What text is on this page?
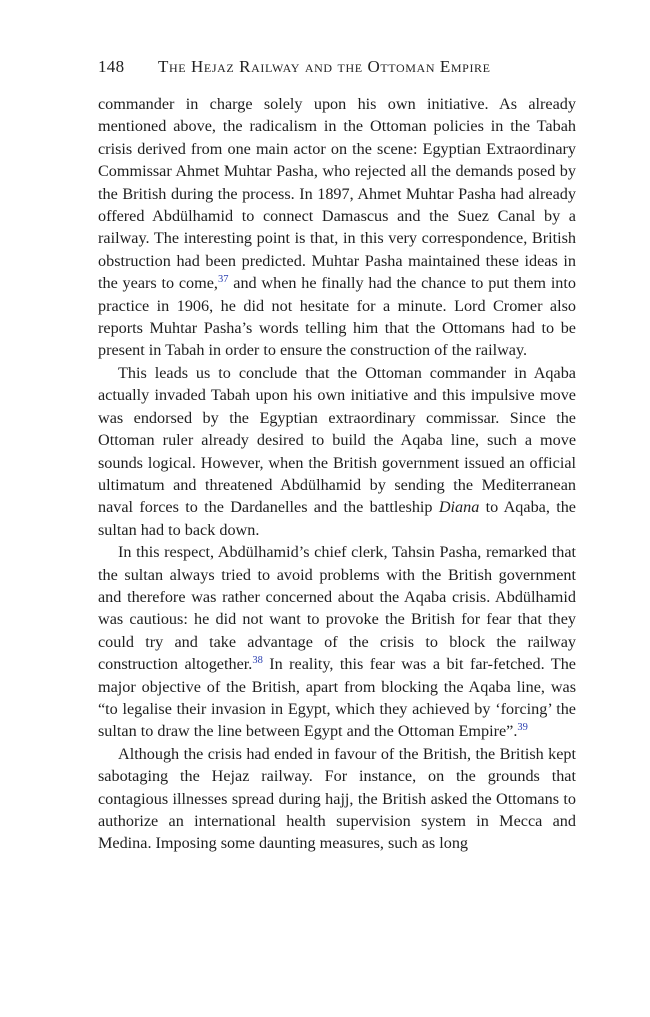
148 The Hejaz Railway and the Ottoman Empire

commander in charge solely upon his own initiative. As already mentioned above, the radicalism in the Ottoman policies in the Tabah crisis derived from one main actor on the scene: Egyptian Extraordinary Commissar Ahmet Muhtar Pasha, who rejected all the demands posed by the British during the process. In 1897, Ahmet Muhtar Pasha had already offered Abdülhamid to connect Damascus and the Suez Canal by a railway. The interesting point is that, in this very correspondence, British obstruction had been predicted. Muhtar Pasha maintained these ideas in the years to come,$^{37}$ and when he finally had the chance to put them into practice in 1906, he did not hesitate for a minute. Lord Cromer also reports Muhtar Pasha’s words telling him that the Ottomans had to be present in Tabah in order to ensure the construction of the railway.

This leads us to conclude that the Ottoman commander in Aqaba actually invaded Tabah upon his own initiative and this impulsive move was endorsed by the Egyptian extraordinary commissar. Since the Ottoman ruler already desired to build the Aqaba line, such a move sounds logical. However, when the British government issued an official ultimatum and threatened Abdülhamid by sending the Mediterranean naval forces to the Dardanelles and the battleship Diana to Aqaba, the sultan had to back down.

In this respect, Abdülhamid’s chief clerk, Tahsin Pasha, remarked that the sultan always tried to avoid problems with the British government and therefore was rather concerned about the Aqaba crisis. Abdülhamid was cautious: he did not want to provoke the British for fear that they could try and take advantage of the crisis to block the railway construction altogether.$^{38}$ In reality, this fear was a bit far-fetched. The major objective of the British, apart from blocking the Aqaba line, was “to legalise their invasion in Egypt, which they achieved by ‘forcing’ the sultan to draw the line between Egypt and the Ottoman Empire”.$^{39}$

Although the crisis had ended in favour of the British, the British kept sabotaging the Hejaz railway. For instance, on the grounds that contagious illnesses spread during hajj, the British asked the Ottomans to authorize an international health supervision system in Mecca and Medina. Imposing some daunting measures, such as long
